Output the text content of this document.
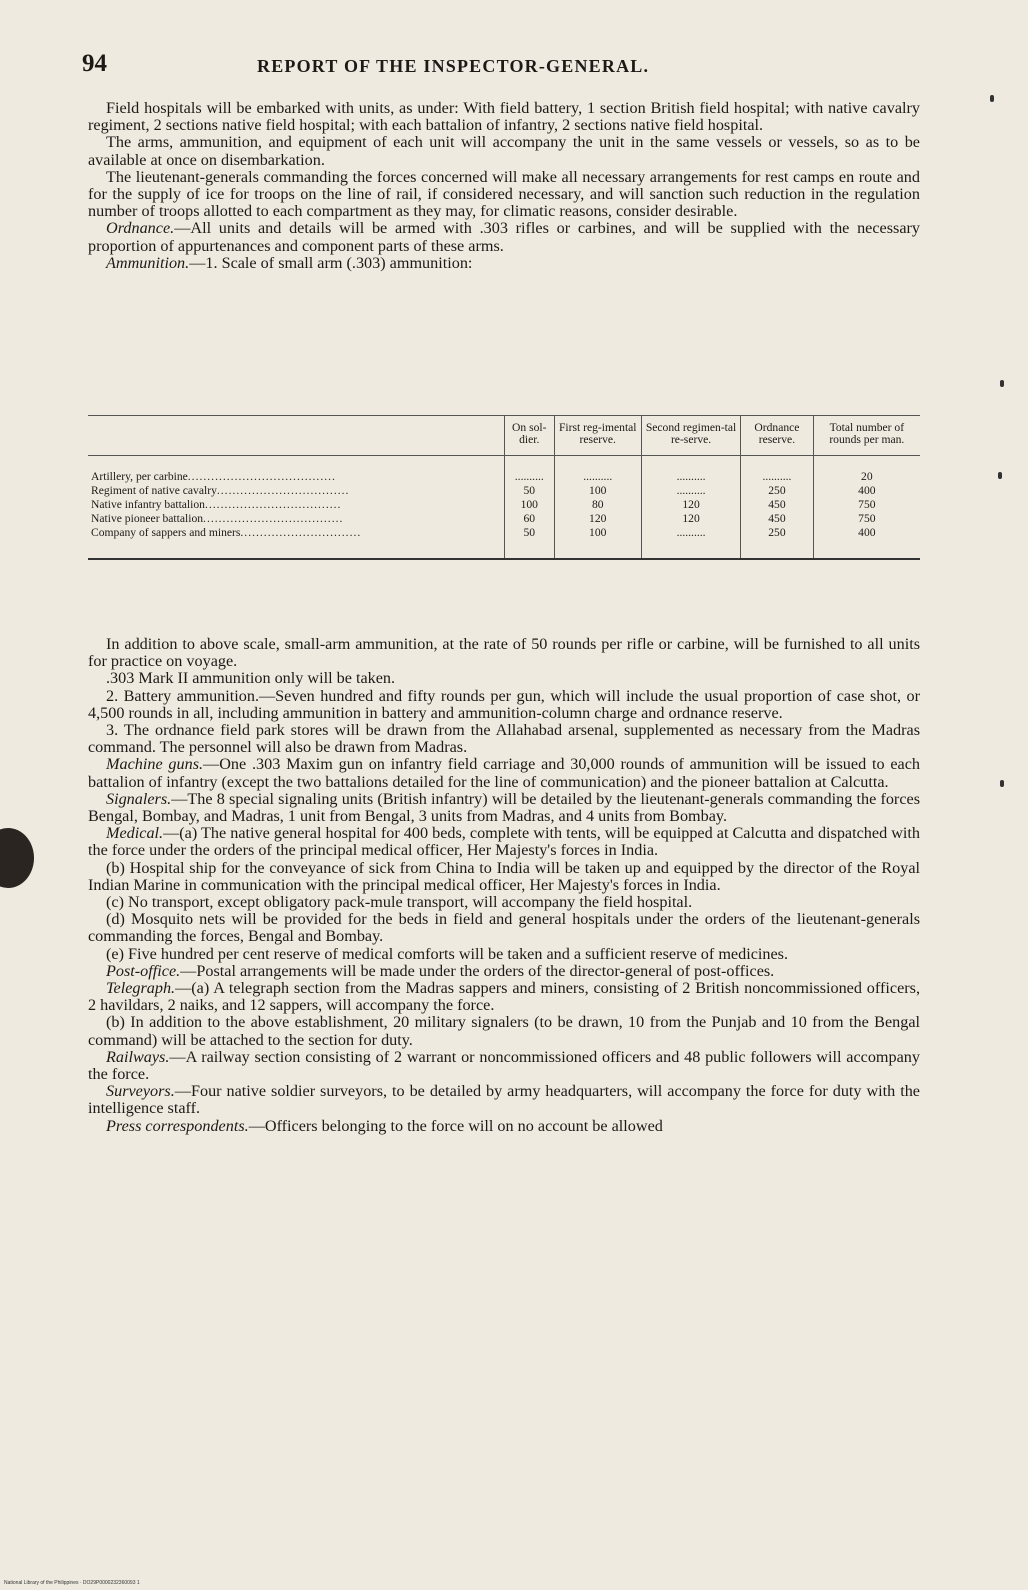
94	REPORT OF THE INSPECTOR-GENERAL.

Field hospitals will be embarked with units, as under: With field battery, 1 section British field hospital; with native cavalry regiment, 2 sections native field hospital; with each battalion of infantry, 2 sections native field hospital.

The arms, ammunition, and equipment of each unit will accompany the unit in the same vessels or vessels, so as to be available at once on disembarkation.

The lieutenant-generals commanding the forces concerned will make all necessary arrangements for rest camps en route and for the supply of ice for troops on the line of rail, if considered necessary, and will sanction such reduction in the regulation number of troops allotted to each compartment as they may, for climatic reasons, consider desirable.

Ordnance.—All units and details will be armed with .303 rifles or carbines, and will be supplied with the necessary proportion of appurtenances and component parts of these arms.

Ammunition.—1. Scale of small arm (.303) ammunition:

	On sol-dier.	First reg-imental reserve.	Second regimen-tal re-serve.	Ordnance reserve.	Total number of rounds per man.
Artillery, per carbine......................................	..........	..........	..........	..........	20
Regiment of native cavalry..................................	50	100	..........	250	400
Native infantry battalion...................................	100	80	120	450	750
Native pioneer battalion....................................	60	120	120	450	750
Company of sappers and miners...............................	50	100	..........	250	400

In addition to above scale, small-arm ammunition, at the rate of 50 rounds per rifle or carbine, will be furnished to all units for practice on voyage.

.303 Mark II ammunition only will be taken.

2. Battery ammunition.—Seven hundred and fifty rounds per gun, which will include the usual proportion of case shot, or 4,500 rounds in all, including ammunition in battery and ammunition-column charge and ordnance reserve.

3. The ordnance field park stores will be drawn from the Allahabad arsenal, supplemented as necessary from the Madras command. The personnel will also be drawn from Madras.

Machine guns.—One .303 Maxim gun on infantry field carriage and 30,000 rounds of ammunition will be issued to each battalion of infantry (except the two battalions detailed for the line of communication) and the pioneer battalion at Calcutta.

Signalers.—The 8 special signaling units (British infantry) will be detailed by the lieutenant-generals commanding the forces Bengal, Bombay, and Madras, 1 unit from Bengal, 3 units from Madras, and 4 units from Bombay.

Medical.—(a) The native general hospital for 400 beds, complete with tents, will be equipped at Calcutta and dispatched with the force under the orders of the principal medical officer, Her Majesty's forces in India.

(b) Hospital ship for the conveyance of sick from China to India will be taken up and equipped by the director of the Royal Indian Marine in communication with the principal medical officer, Her Majesty's forces in India.

(c) No transport, except obligatory pack-mule transport, will accompany the field hospital.

(d) Mosquito nets will be provided for the beds in field and general hospitals under the orders of the lieutenant-generals commanding the forces, Bengal and Bombay.

(e) Five hundred per cent reserve of medical comforts will be taken and a sufficient reserve of medicines.

Post-office.—Postal arrangements will be made under the orders of the director-general of post-offices.

Telegraph.—(a) A telegraph section from the Madras sappers and miners, consisting of 2 British noncommissioned officers, 2 havildars, 2 naiks, and 12 sappers, will accompany the force.

(b) In addition to the above establishment, 20 military signalers (to be drawn, 10 from the Punjab and 10 from the Bengal command) will be attached to the section for duty.

Railways.—A railway section consisting of 2 warrant or noncommissioned officers and 48 public followers will accompany the force.

Surveyors.—Four native soldier surveyors, to be detailed by army headquarters, will accompany the force for duty with the intelligence staff.

Press correspondents.—Officers belonging to the force will on no account be allowed

National Library of the Philippines · DO29P0000232360093 1
